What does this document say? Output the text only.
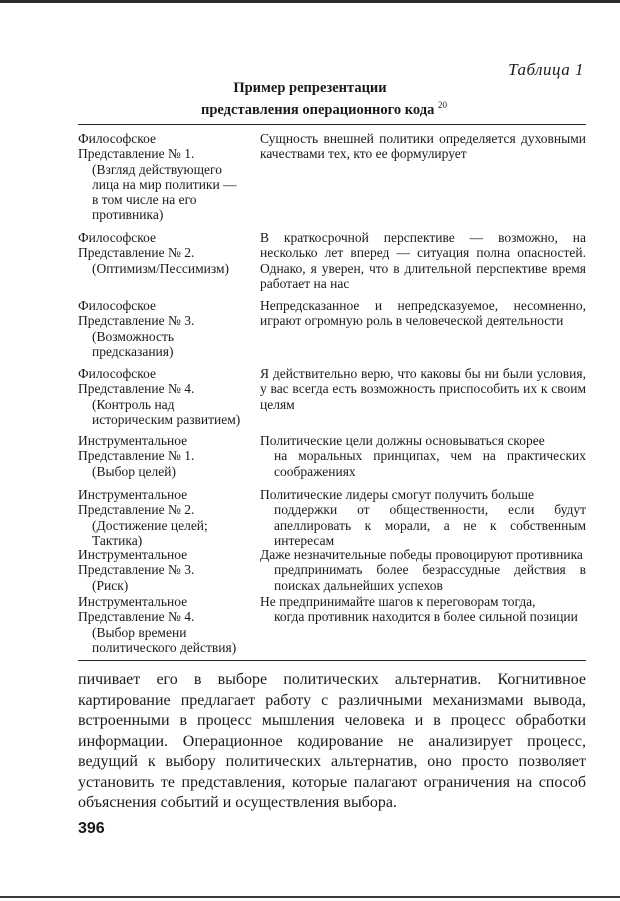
Таблица 1
Пример репрезентации
представления операционного кода $^{20}$
Философское Представление № 1.
(Взгляд действующего лица на мир политики — в том числе на его противника)
Сущность внешней политики определяется духовными качествами тех, кто ее формулирует
Философское Представление № 2.
(Оптимизм/Пессимизм)
В краткосрочной перспективе — возможно, на несколько лет вперед — ситуация полна опасностей. Однако, я уверен, что в длительной перспективе время работает на нас
Философское Представление № 3.
(Возможность предсказания)
Непредсказанное и непредсказуемое, несомненно, играют огромную роль в человеческой деятельности
Философское Представление № 4.
(Контроль над историческим развитием)
Я действительно верю, что каковы бы ни были условия, у вас всегда есть возможность приспособить их к своим целям
Инструментальное Представление № 1.
(Выбор целей)
Политические цели должны основываться скорее
на моральных принципах, чем на практических соображениях
Инструментальное Представление № 2.
(Достижение целей; Тактика)
Политические лидеры смогут получить больше
поддержки от общественности, если будут апеллировать к морали, а не к собственным интересам
Инструментальное Представление № 3.
(Риск)
Даже незначительные победы провоцируют противника
предпринимать более безрассудные действия в поисках дальнейших успехов
Инструментальное Представление № 4.
(Выбор времени политического действия)
Не предпринимайте шагов к переговорам тогда,
когда противник находится в более сильной позиции
пичивает его в выборе политических альтернатив. Когнитивное картирование предлагает работу с различными механизмами вывода, встроенными в процесс мышления человека и в процесс обработки информации. Операционное кодирование не анализирует процесс, ведущий к выбору политических альтернатив, оно просто позволяет установить те представления, которые палагают ограничения на способ объяснения событий и осуществления выбора.
396
